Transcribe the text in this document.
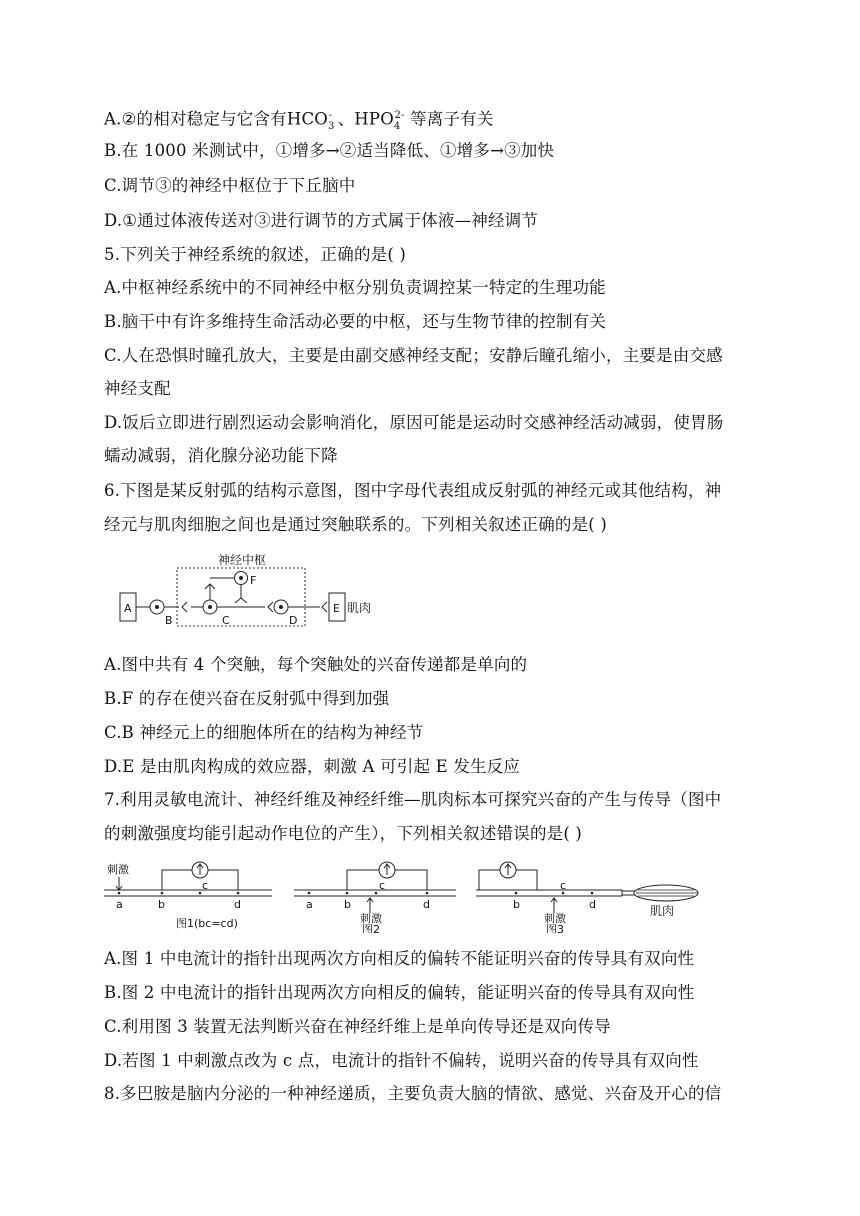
A.②的相对稳定与它含有$HCO_3^-$ 、$HPO_4^{2-}$ 等离子有关
B.在 1000 米测试中，①增多→②适当降低、①增多→③加快
C.调节③的神经中枢位于下丘脑中
D.①通过体液传送对③进行调节的方式属于体液—神经调节
5.下列关于神经系统的叙述，正确的是( )
A.中枢神经系统中的不同神经中枢分别负责调控某一特定的生理功能
B.脑干中有许多维持生命活动必要的中枢，还与生物节律的控制有关
C.人在恐惧时瞳孔放大，主要是由副交感神经支配；安静后瞳孔缩小，主要是由交感
神经支配
D.饭后立即进行剧烈运动会影响消化，原因可能是运动时交感神经活动减弱，使胃肠
蠕动减弱，消化腺分泌功能下降
6.下图是某反射弧的结构示意图，图中字母代表组成反射弧的神经元或其他结构，神
经元与肌肉细胞之间也是通过突触联系的。下列相关叙述正确的是( )
神经中枢
A
B	C
F
D
E 肌肉
A.图中共有 4 个突触，每个突触处的兴奋传递都是单向的
B.F 的存在使兴奋在反射弧中得到加强
C.B 神经元上的细胞体所在的结构为神经节
D.E 是由肌肉构成的效应器，刺激 A 可引起 E 发生反应
7.利用灵敏电流计、神经纤维及神经纤维—肌肉标本可探究兴奋的产生与传导（图中
的刺激强度均能引起动作电位的产生），下列相关叙述错误的是( )
刺激
a	b
c
d
图1(bc=cd)
a	b
c
d
刺激
图2
b
c
d
刺激
图3
肌肉
A.图 1 中电流计的指针出现两次方向相反的偏转不能证明兴奋的传导具有双向性
B.图 2 中电流计的指针出现两次方向相反的偏转，能证明兴奋的传导具有双向性
C.利用图 3 装置无法判断兴奋在神经纤维上是单向传导还是双向传导
D.若图 1 中刺激点改为 c 点，电流计的指针不偏转，说明兴奋的传导具有双向性
8.多巴胺是脑内分泌的一种神经递质，主要负责大脑的情欲、感觉、兴奋及开心的信
